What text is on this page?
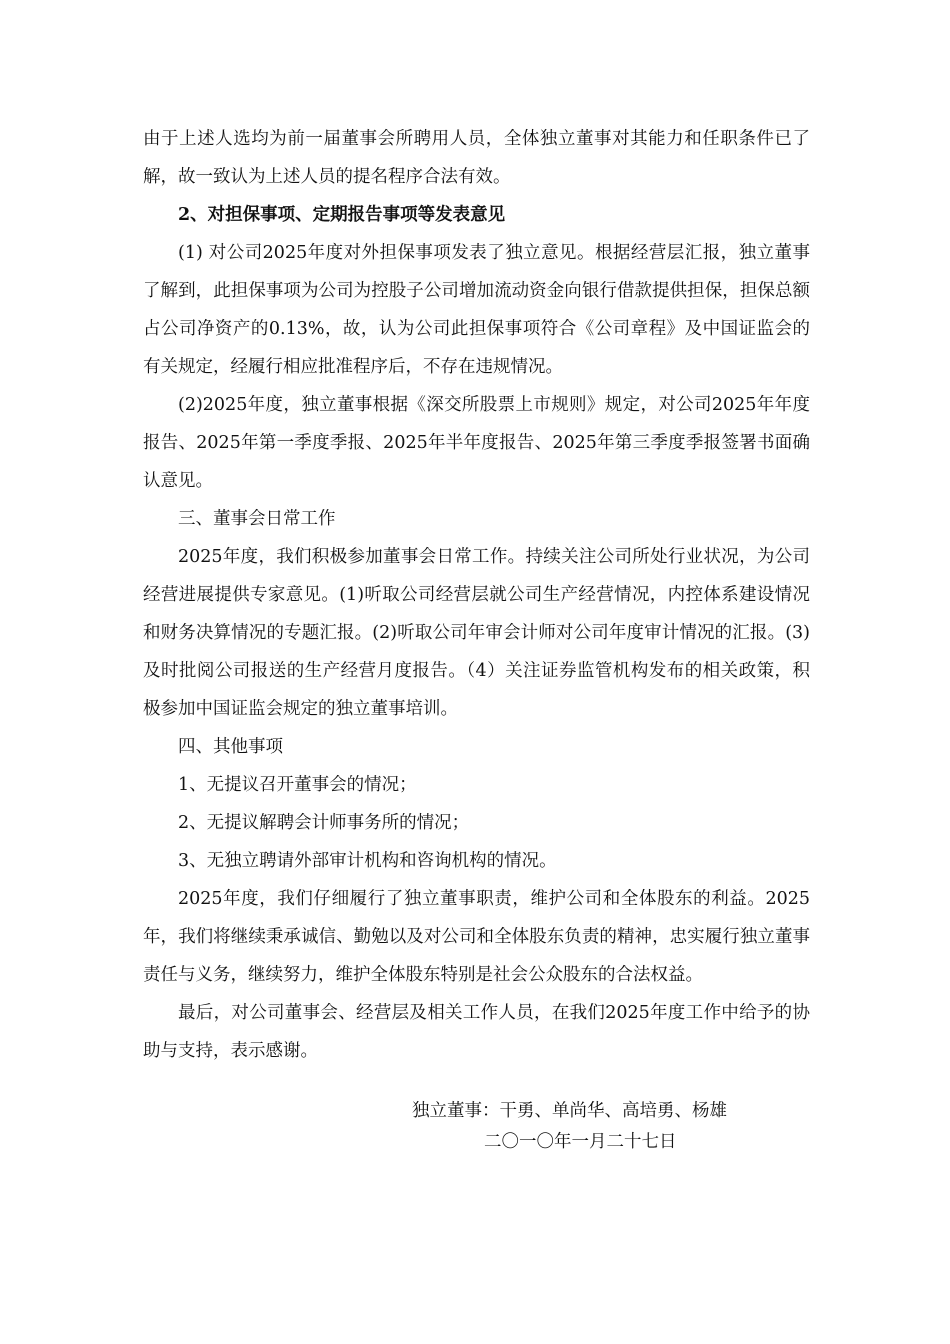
由于上述人选均为前一届董事会所聘用人员，全体独立董事对其能力和任职条件已了解，故一致认为上述人员的提名程序合法有效。

2、对担保事项、定期报告事项等发表意见

(1) 对公司2025年度对外担保事项发表了独立意见。根据经营层汇报，独立董事了解到，此担保事项为公司为控股子公司增加流动资金向银行借款提供担保，担保总额占公司净资产的0.13%，故，认为公司此担保事项符合《公司章程》及中国证监会的有关规定，经履行相应批准程序后，不存在违规情况。

(2)2025年度，独立董事根据《深交所股票上市规则》规定，对公司2025年年度报告、2025年第一季度季报、2025年半年度报告、2025年第三季度季报签署书面确认意见。

三、董事会日常工作

2025年度，我们积极参加董事会日常工作。持续关注公司所处行业状况，为公司经营进展提供专家意见。(1)听取公司经营层就公司生产经营情况，内控体系建设情况和财务决算情况的专题汇报。(2)听取公司年审会计师对公司年度审计情况的汇报。(3)及时批阅公司报送的生产经营月度报告。（4）关注证券监管机构发布的相关政策，积极参加中国证监会规定的独立董事培训。

四、其他事项

1、无提议召开董事会的情况；

2、无提议解聘会计师事务所的情况；

3、无独立聘请外部审计机构和咨询机构的情况。

2025年度，我们仔细履行了独立董事职责，维护公司和全体股东的利益。2025年，我们将继续秉承诚信、勤勉以及对公司和全体股东负责的精神，忠实履行独立董事责任与义务，继续努力，维护全体股东特别是社会公众股东的合法权益。

最后，对公司董事会、经营层及相关工作人员，在我们2025年度工作中给予的协助与支持，表示感谢。

独立董事：干勇、单尚华、高培勇、杨雄
二〇一〇年一月二十七日
